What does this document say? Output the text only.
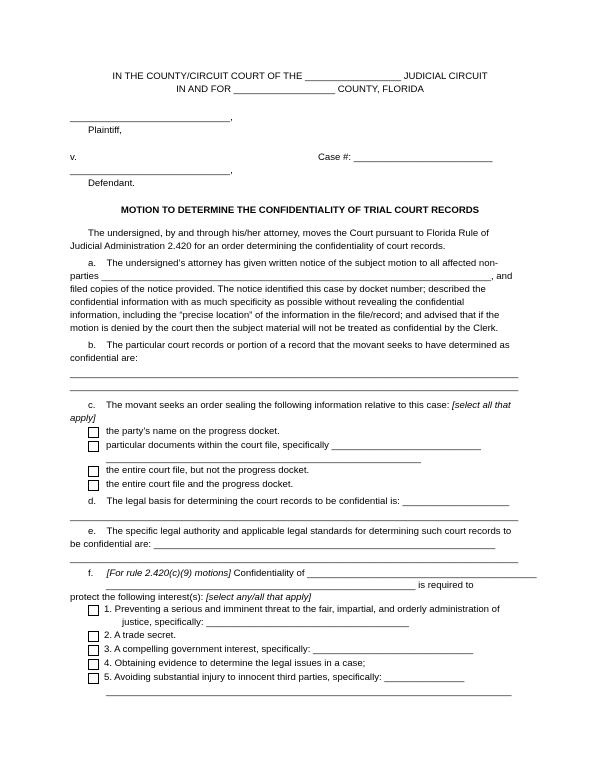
IN THE COUNTY/CIRCUIT COURT OF THE __________________ JUDICIAL CIRCUIT
IN AND FOR ___________________ COUNTY, FLORIDA
______________________________,
Plaintiff,
v.	Case #: __________________________
______________________________,
Defendant.
MOTION TO DETERMINE THE CONFIDENTIALITY OF TRIAL COURT RECORDS
The undersigned, by and through his/her attorney, moves the Court pursuant to Florida Rule of
Judicial Administration 2.420 for an order determining the confidentiality of court records.
a.    The undersigned’s attorney has given written notice of the subject motion to all affected non-
parties _________________________________________________________________________, and
filed copies of the notice provided. The notice identified this case by docket number; described the
confidential information with as much specificity as possible without revealing the confidential
information, including the “precise location” of the information in the file/record; and advised that if the
motion is denied by the court then the subject material will not be treated as confidential by the Clerk.
b.    The particular court records or portion of a record that the movant seeks to have determined as
confidential are:
____________________________________________________________________________________
____________________________________________________________________________________
c.    The movant seeks an order sealing the following information relative to this case: [select all that
apply]
the party’s name on the progress docket.
particular documents within the court file, specifically ____________________________
___________________________________________________________
the entire court file, but not the progress docket.
the entire court file and the progress docket.
d.    The legal basis for determining the court records to be confidential is: ____________________
____________________________________________________________________________________
e.    The specific legal authority and applicable legal standards for determining such court records to
be confidential are: ________________________________________________________________
____________________________________________________________________________________
f. [For rule 2.420(c)(9) motions] Confidentiality of ___________________________________________
__________________________________________________________ is required to
protect the following interest(s): [select any/all that apply]
1. Preventing a serious and imminent threat to the fair, impartial, and orderly administration of
justice, specifically: ______________________________________
2. A trade secret.
3. A compelling government interest, specifically: ______________________________
4. Obtaining evidence to determine the legal issues in a case;
5. Avoiding substantial injury to innocent third parties, specifically: _______________
____________________________________________________________________________
